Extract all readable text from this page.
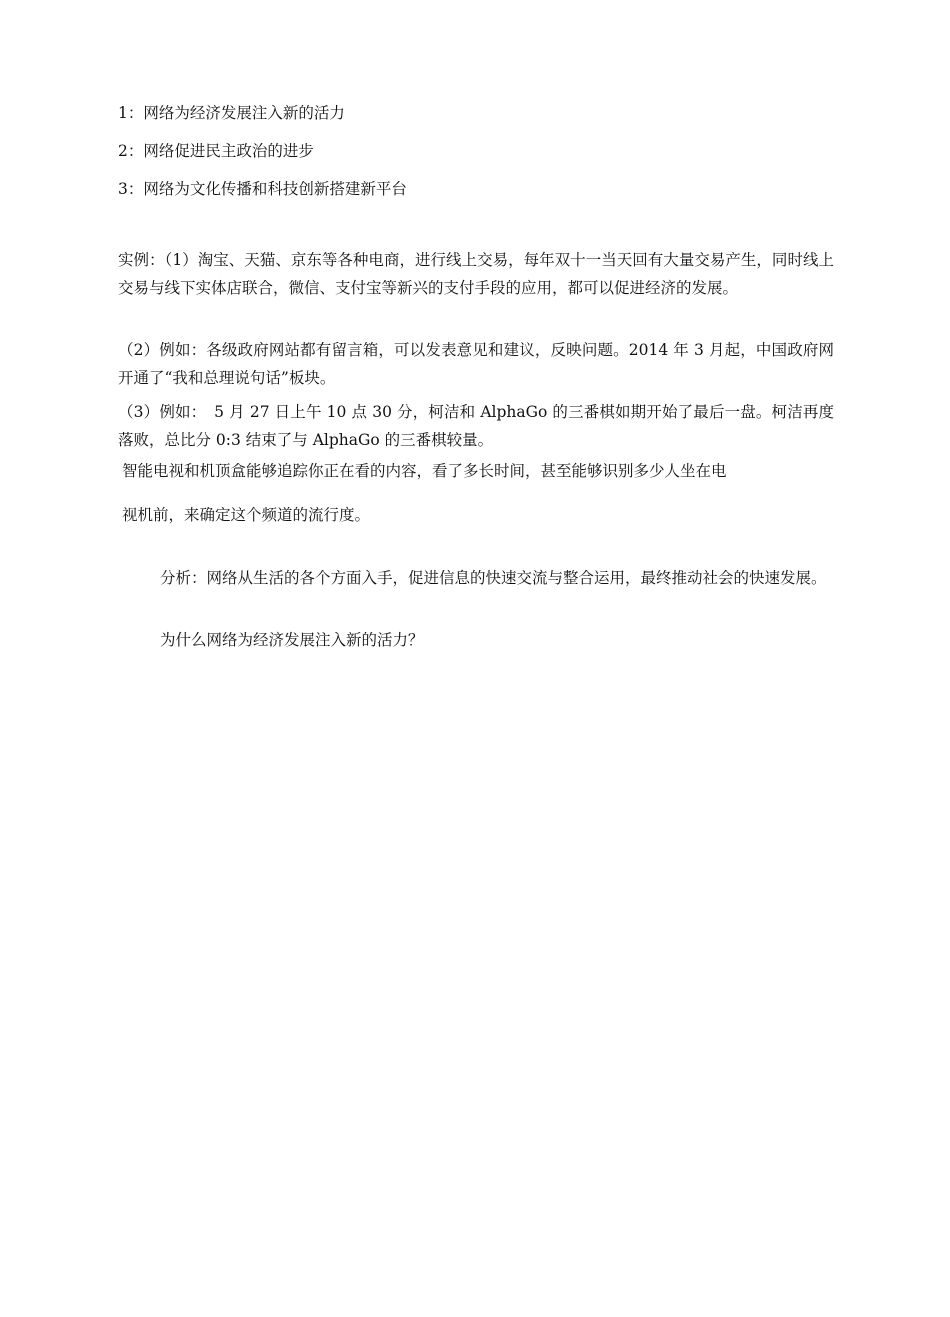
1：网络为经济发展注入新的活力
2：网络促进民主政治的进步
3：网络为文化传播和科技创新搭建新平台
实例：（1）淘宝、天猫、京东等各种电商，进行线上交易，每年双十一当天回有大量交易产生，同时线上交易与线下实体店联合，微信、支付宝等新兴的支付手段的应用，都可以促进经济的发展。
（2）例如：各级政府网站都有留言箱，可以发表意见和建议，反映问题。2014 年 3 月起，中国政府网开通了“我和总理说句话”板块。
（3）例如：　5 月 27 日上午 10 点 30 分，柯洁和 AlphaGo 的三番棋如期开始了最后一盘。柯洁再度落败，总比分 0:3 结束了与 AlphaGo 的三番棋较量。
智能电视和机顶盒能够追踪你正在看的内容，看了多长时间，甚至能够识别多少人坐在电
视机前，来确定这个频道的流行度。
分析：网络从生活的各个方面入手，促进信息的快速交流与整合运用，最终推动社会的快速发展。
为什么网络为经济发展注入新的活力？
